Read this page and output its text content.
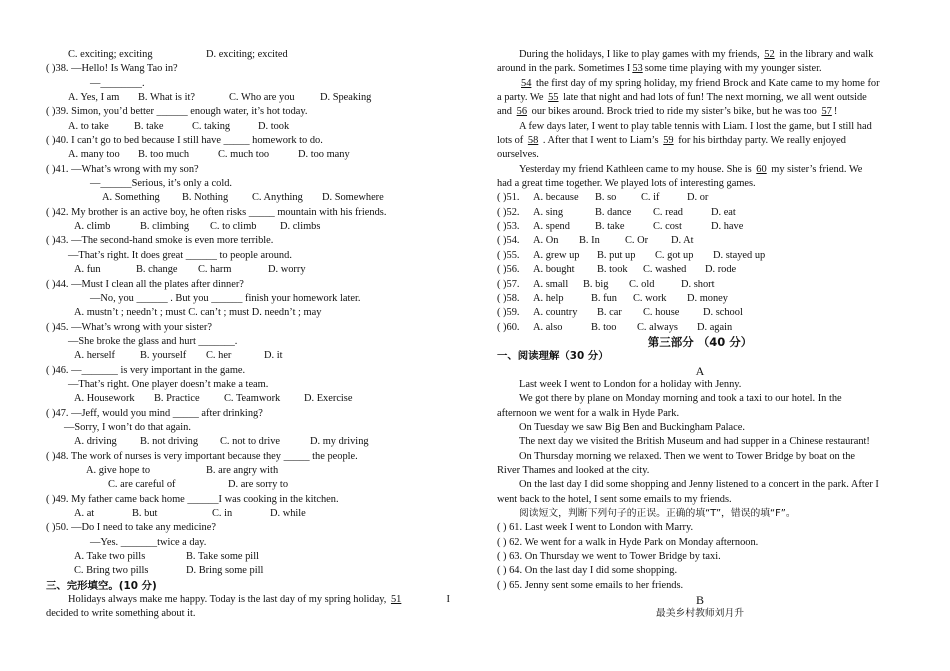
C. exciting; exciting	D. exciting; excited
( )38. —Hello! Is Wang Tao in?
—________.
A. Yes, I am B. What is it?	C. Who are you D. Speaking
( )39. Simon, you’d better ______ enough water, it’s hot today.
A. to take B. take	C. taking	D. took
( )40. I can’t go to bed because I still have _____ homework to do.
A. many too B. too much	C. much too	D. too many
( )41. —What’s wrong with my son?
—______Serious, it’s only a cold.
A. Something B. Nothing C. Anything D. Somewhere
( )42. My brother is an active boy, he often risks _____ mountain with his friends.
A. climb	B. climbing C. to climb D. climbs
( )43. —The second-hand smoke is even more terrible.
—That’s right. It does great ______ to people around.
A. fun	B. change C. harm	D. worry
( )44. —Must I clean all the plates after dinner?
—No, you ______ . But you ______ finish your homework later.
A. mustn’t ; needn’t ; must C. can’t ; must D. needn’t ; may
( )45. —What’s wrong with your sister?
—She broke the glass and hurt _______.
A. herself B. yourself C. her	D. it
( )46. —_______ is very important in the game.
—That’s right. One player doesn’t make a team.
A. Housework B. Practice C. Teamwork D. Exercise
( )47. —Jeff, would you mind _____ after drinking?
—Sorry, I won’t do that again.
A. driving B. not driving C. not to drive	D. my driving
( )48. The work of nurses is very important because they _____ the people.
A. give hope to	B. are angry with
C. are careful of	D. are sorry to
( )49. My father came back home ______I was cooking in the kitchen.
A. at	B. but	C. in	D. while
( )50. —Do I need to take any medicine?
—Yes. _______twice a day.
A. Take two pills	B. Take some pill
C. Bring two pills	D. Bring some pill
三、完形填空。(10 分)
Holidays always make me happy. Today is the last day of my spring holiday, 51	I
decided to write something about it.
During the holidays, I like to play games with my friends, 52 in the library and walk
around in the park. Sometimes I 53 some time playing with my younger sister.
54 the first day of my spring holiday, my friend Brock and Kate came to my home for
a party. We 55 late that night and had lots of fun! The next morning, we all went outside
and 56 our bikes around. Brock tried to ride my sister’s bike, but he was too 57 !
A few days later, I went to play table tennis with Liam. I lost the game, but I still had
lots of 58 . After that I went to Liam’s 59 for his birthday party. We really enjoyed
ourselves.
Yesterday my friend Kathleen came to my house. She is 60 my sister’s friend. We
had a great time together. We played lots of interesting games.
( )51. A. because B. so C. if	D. or
( )52. A. sing	B. dance C. read	D. eat
( )53. A. spend B. take	C. cost	D. have
( )54. A. On B. In C. Or D. At
( )55. A. grew up B. put up C. got up D. stayed up
( )56. A. bought B. took C. washed D. rode
( )57. A. small B. big C. old	D. short
( )58. A. help	B. fun C. work D. money
( )59. A. country B. car C. house D. school
( )60. A. also	B. too C. always D. again
第三部分 （40 分）
一、阅读理解（30 分）
A
Last week I went to London for a holiday with Jenny.
We got there by plane on Monday morning and took a taxi to our hotel. In the
afternoon we went for a walk in Hyde Park.
On Tuesday we saw Big Ben and Buckingham Palace.
The next day we visited the British Museum and had supper in a Chinese restaurant!
On Thursday morning we relaxed. Then we went to Tower Bridge by boat on the
River Thames and looked at the city.
On the last day I did some shopping and Jenny listened to a concert in the park. After I
went back to the hotel, I sent some emails to my friends.
阅读短文，判断下列句子的正误。正确的填“T”，错误的填“F”。
( ) 61. Last week I went to London with Marry.
( ) 62. We went for a walk in Hyde Park on Monday afternoon.
( ) 63. On Thursday we went to Tower Bridge by taxi.
( ) 64. On the last day I did some shopping.
( ) 65. Jenny sent some emails to her friends.
B
最美乡村教师刘月升
